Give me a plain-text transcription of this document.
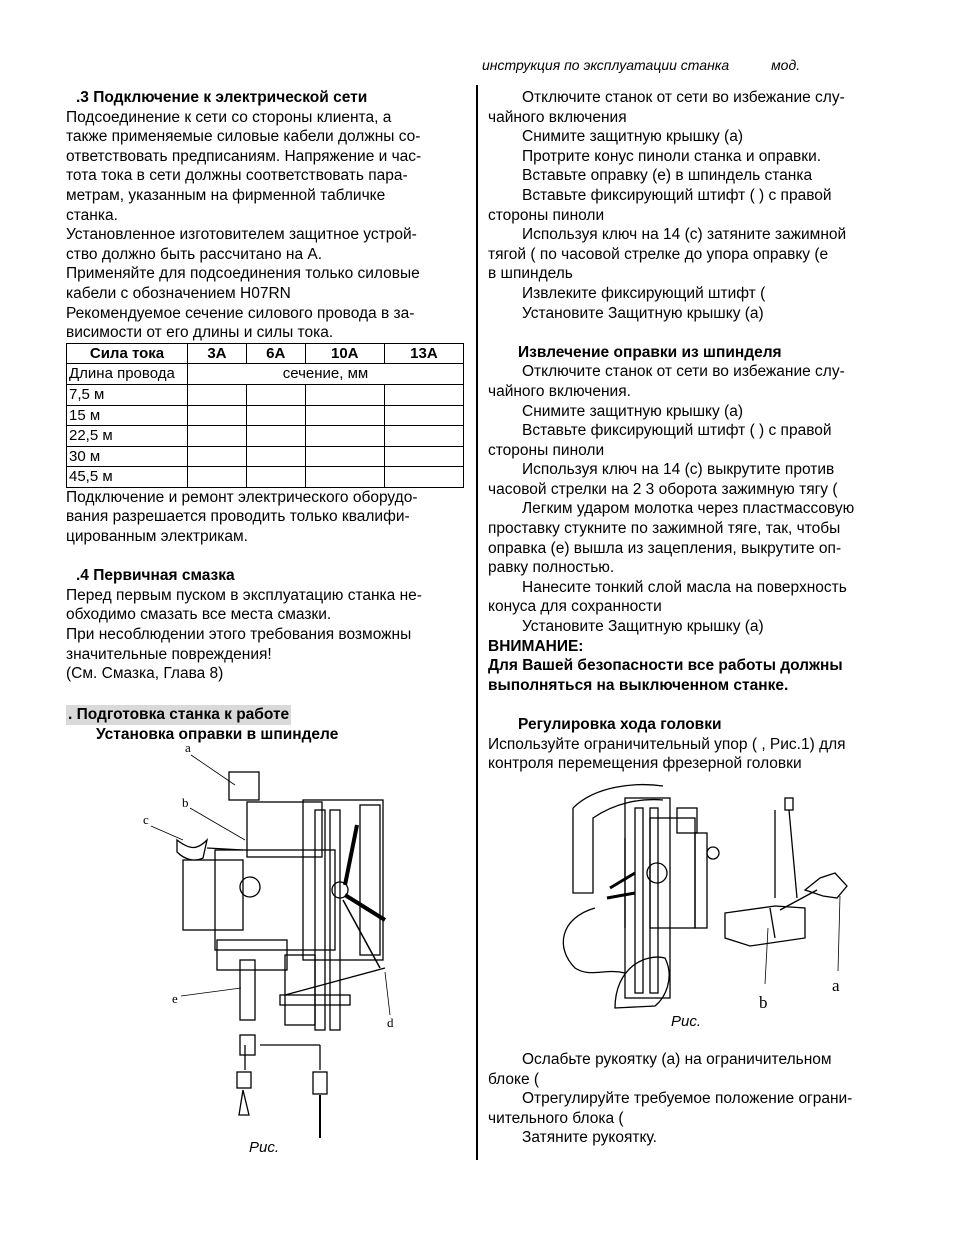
инструкция по эксплуатации станка	мод.
.3 Подключение к электрической сети
Подсоединение к сети со стороны клиента, а
также применяемые силовые кабели должны со-
ответствовать предписаниям. Напряжение и час-
тота тока в сети должны соответствовать пара-
метрам, указанным на фирменной табличке
станка.
Установленное изготовителем защитное устрой-
ство должно быть рассчитано на А.
Применяйте для подсоединения только силовые
кабели с обозначением H07RN
Рекомендуемое сечение силового провода в за-
висимости от его длины и силы тока.
Сила тока	3А	6А	10А	13А
Длина провода	сечение, мм			
7,5 м				
15 м				
22,5 м				
30 м				
45,5 м				
Подключение и ремонт электрического оборудо-
вания разрешается проводить только квалифи-
цированным электрикам.
.4 Первичная смазка
Перед первым пуском в эксплуатацию станка не-
обходимо смазать все места смазки.
При несоблюдении этого требования возможны
значительные повреждения!
(См. Смазка, Глава 8)
. Подготовка станка к работе
Установка оправки в шпинделе
a
b
c
e
d
Рис.
Отключите станок от сети во избежание слу-
чайного включения
Снимите защитную крышку (а)
Протрите конус пиноли станка и оправки.
Вставьте оправку (е) в шпиндель станка
Вставьте фиксирующий штифт ( ) с правой
стороны пиноли
Используя ключ на 14 (с) затяните зажимной
тягой ( по часовой стрелке до упора оправку (е
в шпиндель
Извлеките фиксирующий штифт (
Установите Защитную крышку (а)
Извлечение оправки из шпинделя
Отключите станок от сети во избежание слу-
чайного включения.
Снимите защитную крышку (а)
Вставьте фиксирующий штифт ( ) с правой
стороны пиноли
Используя ключ на 14 (с) выкрутите против
часовой стрелки на 2 3 оборота зажимную тягу (
Легким ударом молотка через пластмассовую
проставку стукните по зажимной тяге, так, чтобы
оправка (е) вышла из зацепления, выкрутите оп-
равку полностью.
Нанесите тонкий слой масла на поверхность
конуса для сохранности
Установите Защитную крышку (а)
ВНИМАНИЕ:
Для Вашей безопасности все работы должны
выполняться на выключенном станке.
Регулировка хода головки
Используйте ограничительный упор ( , Рис.1) для
контроля перемещения фрезерной головки
b
a
Рис.
Ослабьте рукоятку (а) на ограничительном
блоке (
Отрегулируйте требуемое положение ограни-
чительного блока (
Затяните рукоятку.
